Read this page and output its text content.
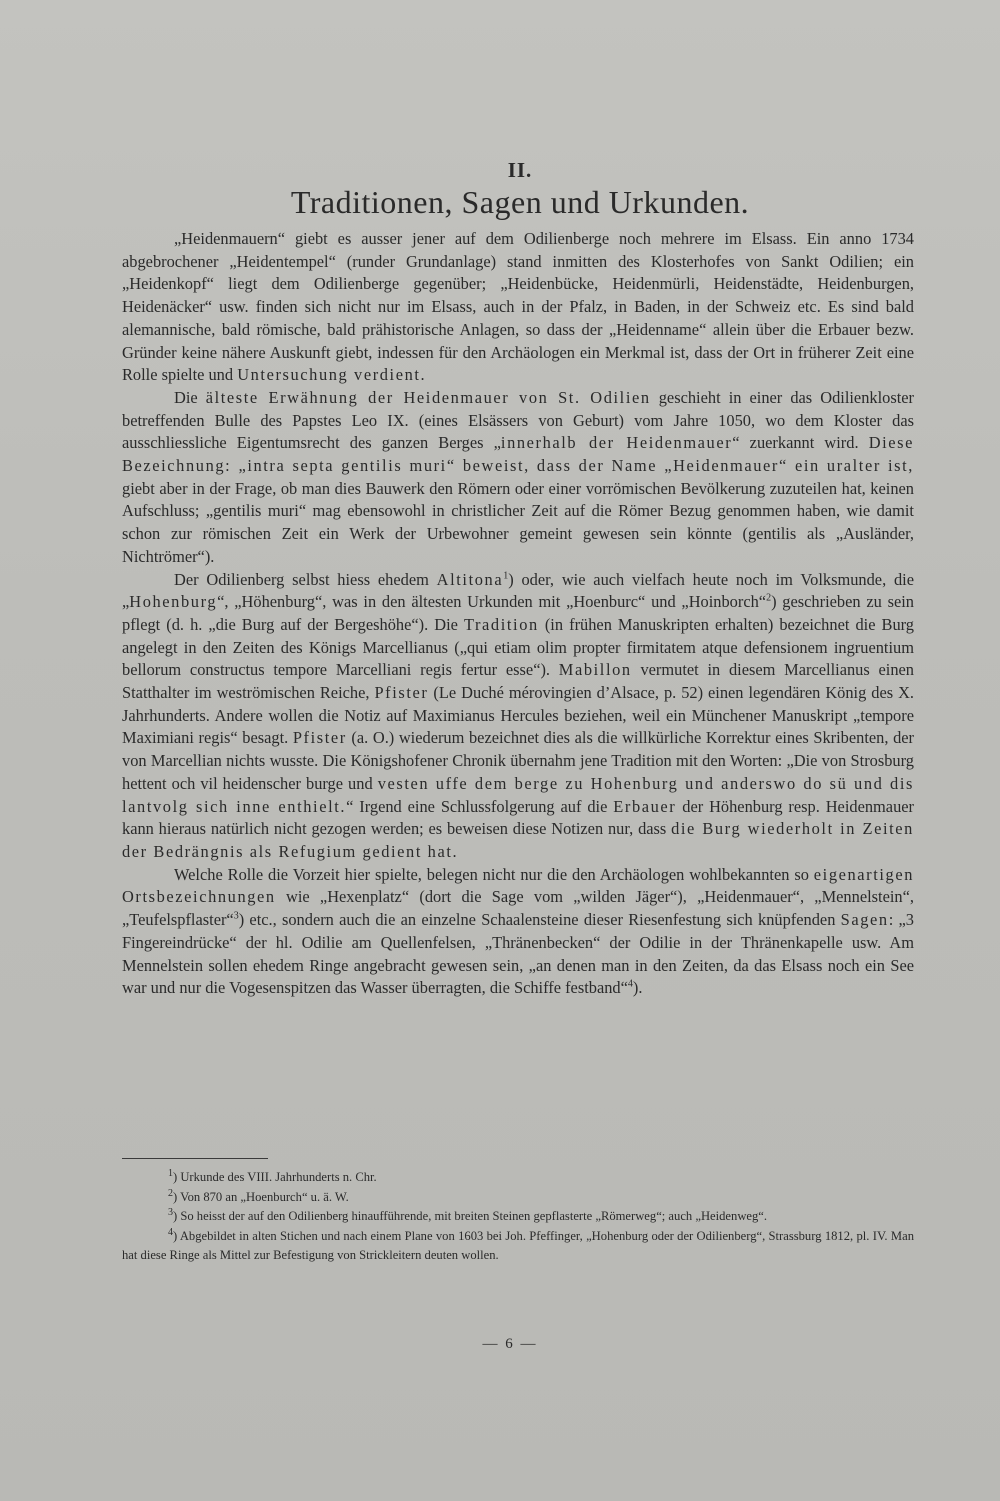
II.
Traditionen, Sagen und Urkunden.

„Heidenmauern“ giebt es ausser jener auf dem Odilienberge noch mehrere im Elsass. Ein anno 1734 abgebrochener „Heidentempel“ (runder Grundanlage) stand inmitten des Klosterhofes von Sankt Odilien; ein „Heidenkopf“ liegt dem Odilienberge gegenüber; „Heidenbücke, Heidenmürli, Heidenstädte, Heidenburgen, Heidenäcker“ usw. finden sich nicht nur im Elsass, auch in der Pfalz, in Baden, in der Schweiz etc. Es sind bald alemannische, bald römische, bald prähistorische Anlagen, so dass der „Heidenname“ allein über die Erbauer bezw. Gründer keine nähere Auskunft giebt, indessen für den Archäologen ein Merkmal ist, dass der Ort in früherer Zeit eine Rolle spielte und Untersuchung verdient.

Die älteste Erwähnung der Heidenmauer von St. Odilien geschieht in einer das Odilienkloster betreffenden Bulle des Papstes Leo IX. (eines Elsässers von Geburt) vom Jahre 1050, wo dem Kloster das ausschliessliche Eigentumsrecht des ganzen Berges „innerhalb der Heidenmauer“ zuerkannt wird. Diese Bezeichnung: „intra septa gentilis muri“ beweist, dass der Name „Heidenmauer“ ein uralter ist, giebt aber in der Frage, ob man dies Bauwerk den Römern oder einer vorrömischen Bevölkerung zuzuteilen hat, keinen Aufschluss; „gentilis muri“ mag ebensowohl in christlicher Zeit auf die Römer Bezug genommen haben, wie damit schon zur römischen Zeit ein Werk der Urbewohner gemeint gewesen sein könnte (gentilis als „Ausländer, Nichtrömer“).

Der Odilienberg selbst hiess ehedem Altitona$^1$) oder, wie auch vielfach heute noch im Volksmunde, die „Hohenburg“, „Höhenburg“, was in den ältesten Urkunden mit „Hoenburc“ und „Hoinborch“$^2$) geschrieben zu sein pflegt (d. h. „die Burg auf der Bergeshöhe“). Die Tradition (in frühen Manuskripten erhalten) bezeichnet die Burg angelegt in den Zeiten des Königs Marcellianus („qui etiam olim propter firmitatem atque defensionem ingruentium bellorum constructus tempore Marcelliani regis fertur esse“). Mabillon vermutet in diesem Marcellianus einen Statthalter im weströmischen Reiche, Pfister (Le Duché mérovingien d’Alsace, p. 52) einen legendären König des X. Jahrhunderts. Andere wollen die Notiz auf Maximianus Hercules beziehen, weil ein Münchener Manuskript „tempore Maximiani regis“ besagt. Pfister (a. O.) wiederum bezeichnet dies als die willkürliche Korrektur eines Skribenten, der von Marcellian nichts wusste. Die Königshofener Chronik übernahm jene Tradition mit den Worten: „Die von Strosburg hettent och vil heidenscher burge und vesten uffe dem berge zu Hohenburg und anderswo do sü und dis lantvolg sich inne enthielt.“ Irgend eine Schlussfolgerung auf die Erbauer der Höhenburg resp. Heidenmauer kann hieraus natürlich nicht gezogen werden; es beweisen diese Notizen nur, dass die Burg wiederholt in Zeiten der Bedrängnis als Refugium gedient hat.

Welche Rolle die Vorzeit hier spielte, belegen nicht nur die den Archäologen wohlbekannten so eigenartigen Ortsbezeichnungen wie „Hexenplatz“ (dort die Sage vom „wilden Jäger“), „Heidenmauer“, „Mennelstein“, „Teufelspflaster“$^3$) etc., sondern auch die an einzelne Schaalensteine dieser Riesenfestung sich knüpfenden Sagen: „3 Fingereindrücke“ der hl. Odilie am Quellenfelsen, „Thränenbecken“ der Odilie in der Thränenkapelle usw. Am Mennelstein sollen ehedem Ringe angebracht gewesen sein, „an denen man in den Zeiten, da das Elsass noch ein See war und nur die Vogesenspitzen das Wasser überragten, die Schiffe festband“$^4$).

$^1$) Urkunde des VIII. Jahrhunderts n. Chr.

$^2$) Von 870 an „Hoenburch“ u. ä. W.

$^3$) So heisst der auf den Odilienberg hinaufführende, mit breiten Steinen gepflasterte „Römerweg“; auch „Heidenweg“.

$^4$) Abgebildet in alten Stichen und nach einem Plane von 1603 bei Joh. Pfeffinger, „Hohenburg oder der Odilienberg“, Strassburg 1812, pl. IV. Man hat diese Ringe als Mittel zur Befestigung von Strickleitern deuten wollen.

— 6 —
